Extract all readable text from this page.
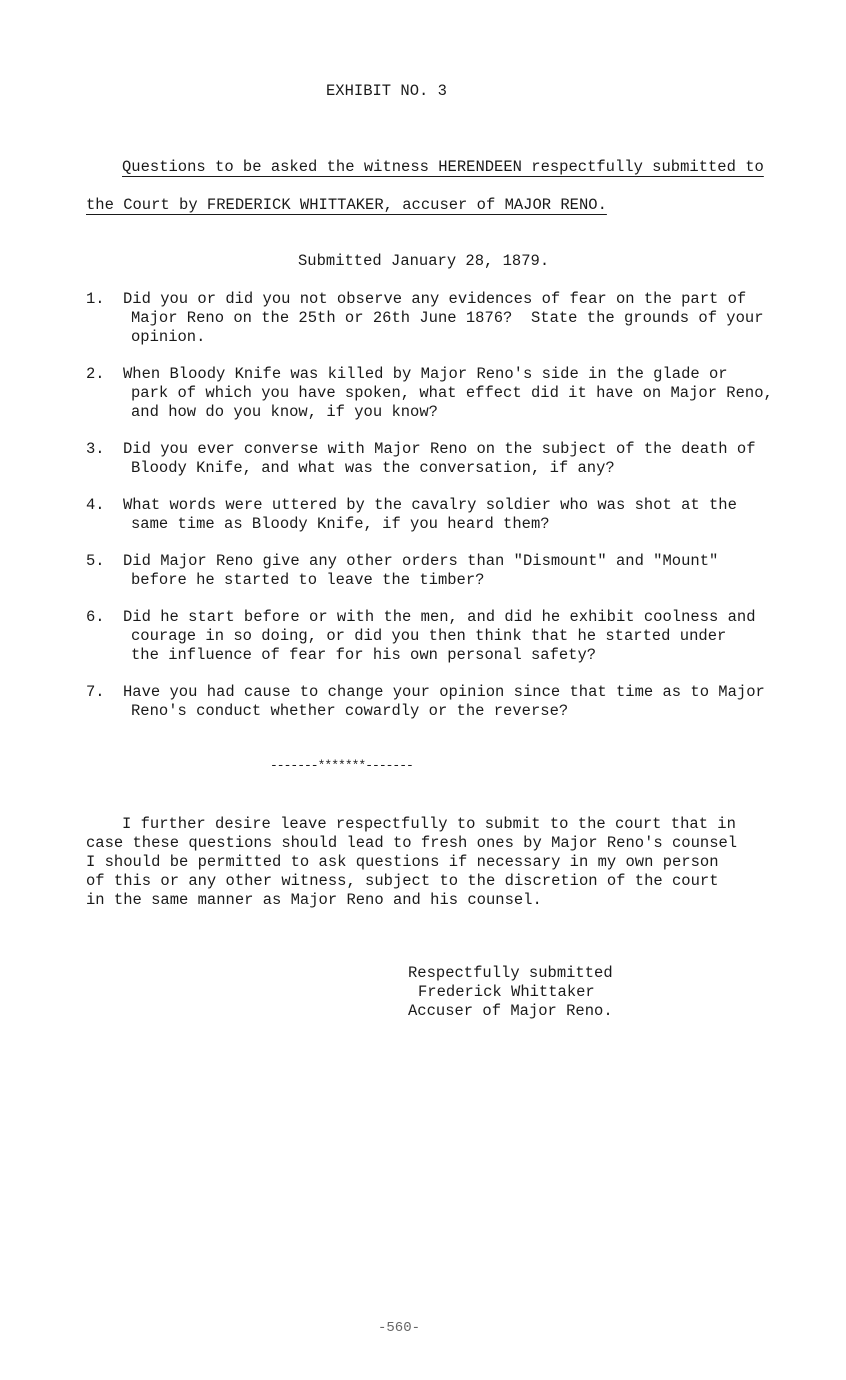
EXHIBIT NO. 3
Questions to be asked the witness HERENDEEN respectfully submitted to
the Court by FREDERICK WHITTAKER, accuser of MAJOR RENO.
Submitted January 28, 1879.
1.	Did you or did you not observe any evidences of fear on the part of
Major Reno on the 25th or 26th June 1876?  State the grounds of your
opinion.
2.	When Bloody Knife was killed by Major Reno's side in the glade or
park of which you have spoken, what effect did it have on Major Reno,
and how do you know, if you know?
3.	Did you ever converse with Major Reno on the subject of the death of
Bloody Knife, and what was the conversation, if any?
4.	What words were uttered by the cavalry soldier who was shot at the
same time as Bloody Knife, if you heard them?
5.	Did Major Reno give any other orders than "Dismount" and "Mount"
before he started to leave the timber?
6.	Did he start before or with the men, and did he exhibit coolness and
courage in so doing, or did you then think that he started under
the influence of fear for his own personal safety?
7.	Have you had cause to change your opinion since that time as to Major
Reno's conduct whether cowardly or the reverse?
-------*******-------
I further desire leave respectfully to submit to the court that in
case these questions should lead to fresh ones by Major Reno's counsel
I should be permitted to ask questions if necessary in my own person
of this or any other witness, subject to the discretion of the court
in the same manner as Major Reno and his counsel.
Respectfully submitted
Frederick Whittaker
Accuser of Major Reno.
-560-
